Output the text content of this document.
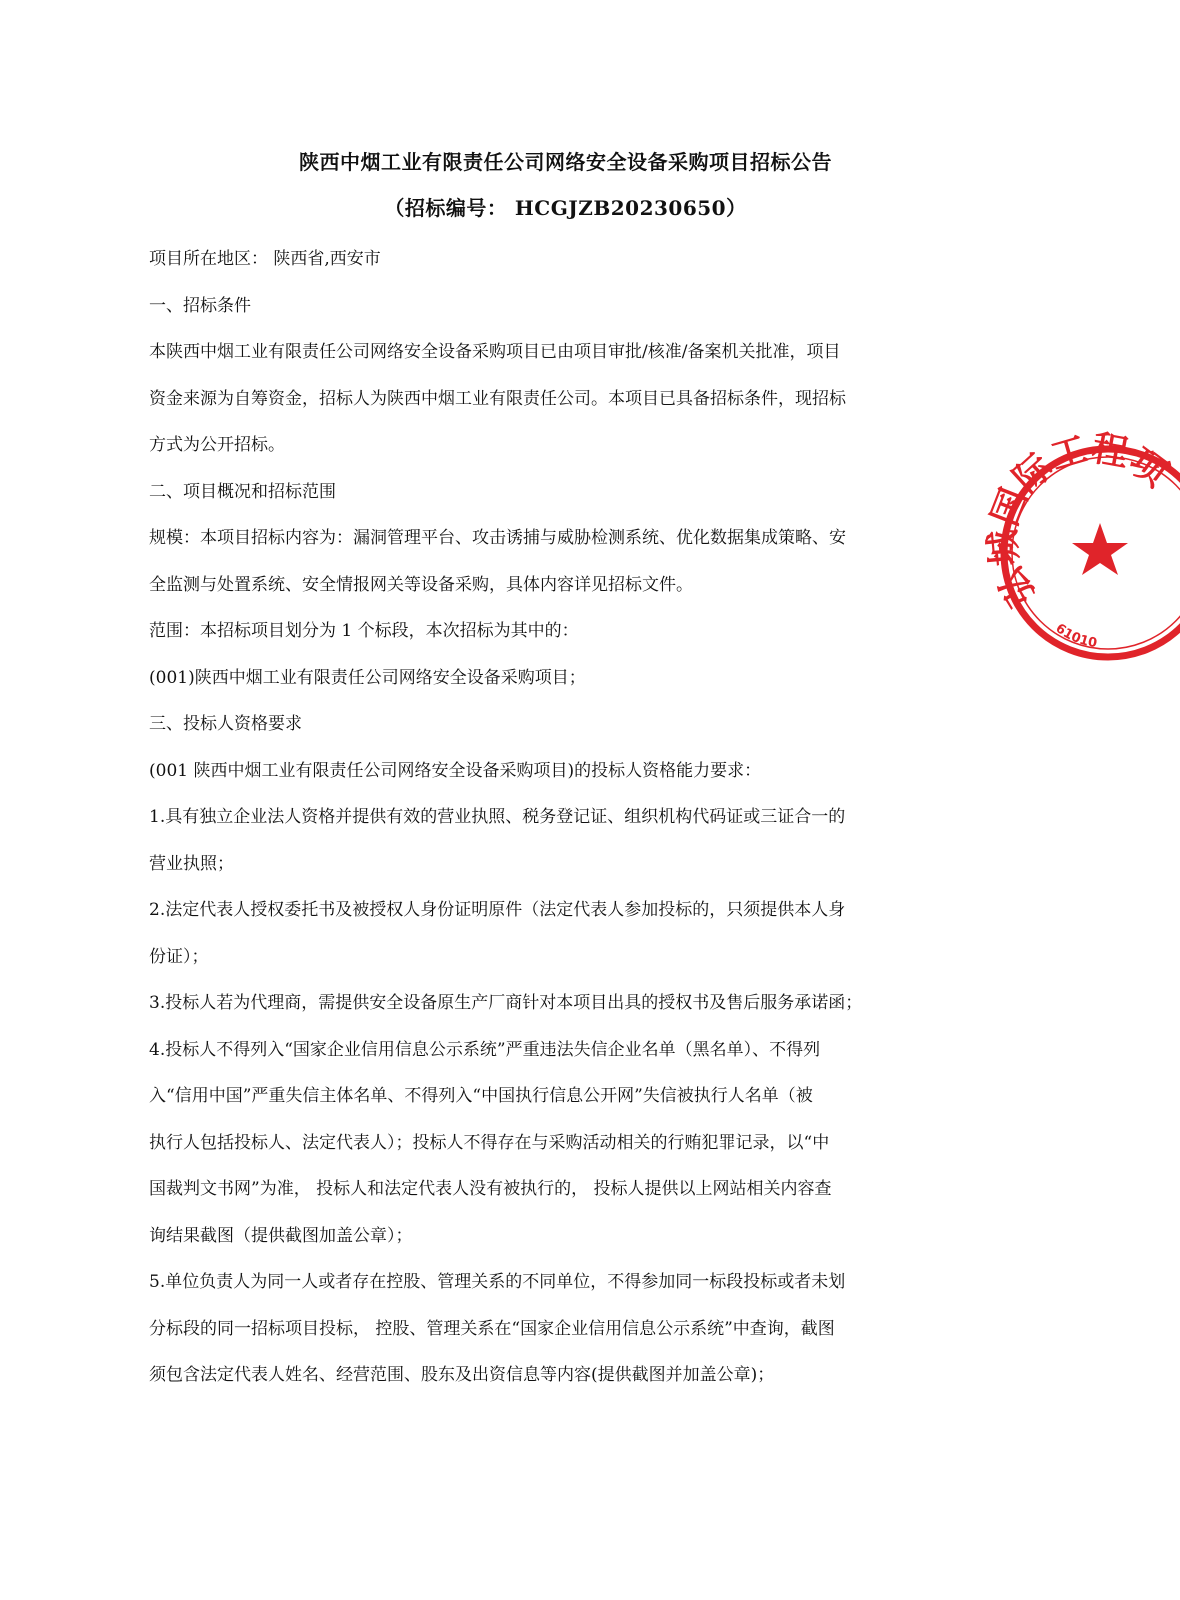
陕西中烟工业有限责任公司网络安全设备采购项目招标公告
（招标编号： HCGJZB20230650）

项目所在地区： 陕西省,西安市

一、招标条件

本陕西中烟工业有限责任公司网络安全设备采购项目已由项目审批/核准/备案机关批准，项目

资金来源为自筹资金，招标人为陕西中烟工业有限责任公司。本项目已具备招标条件，现招标

方式为公开招标。

二、项目概况和招标范围

规模：本项目招标内容为：漏洞管理平台、攻击诱捕与威胁检测系统、优化数据集成策略、安

全监测与处置系统、安全情报网关等设备采购，具体内容详见招标文件。

范围：本招标项目划分为 1 个标段，本次招标为其中的：

(001)陕西中烟工业有限责任公司网络安全设备采购项目；

三、投标人资格要求

(001 陕西中烟工业有限责任公司网络安全设备采购项目)的投标人资格能力要求：

1.具有独立企业法人资格并提供有效的营业执照、税务登记证、组织机构代码证或三证合一的

营业执照；

2.法定代表人授权委托书及被授权人身份证明原件（法定代表人参加投标的，只须提供本人身

份证）；

3.投标人若为代理商，需提供安全设备原生产厂商针对本项目出具的授权书及售后服务承诺函；

4.投标人不得列入“国家企业信用信息公示系统”严重违法失信企业名单（黑名单）、不得列

入“信用中国”严重失信主体名单、不得列入“中国执行信息公开网”失信被执行人名单（被

执行人包括投标人、法定代表人）；投标人不得存在与采购活动相关的行贿犯罪记录，以“中

国裁判文书网”为准， 投标人和法定代表人没有被执行的， 投标人提供以上网站相关内容查

询结果截图（提供截图加盖公章）；

5.单位负责人为同一人或者存在控股、管理关系的不同单位，不得参加同一标段投标或者未划

分标段的同一招标项目投标， 控股、管理关系在“国家企业信用信息公示系统”中查询，截图

须包含法定代表人姓名、经营范围、股东及出资信息等内容(提供截图并加盖公章)；

弘城国际工程项
61010
